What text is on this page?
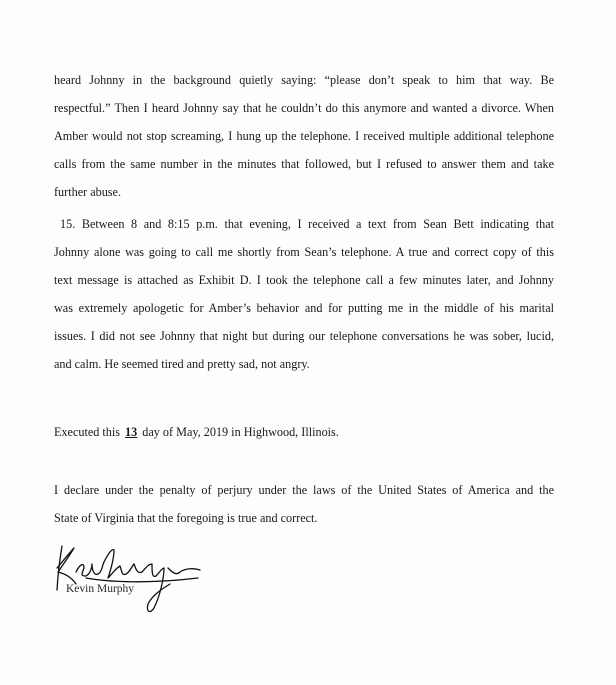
heard Johnny in the background quietly saying: “please don’t speak to him that way. Be
respectful.” Then I heard Johnny say that he couldn’t do this anymore and wanted a divorce. When
Amber would not stop screaming, I hung up the telephone. I received multiple additional telephone
calls from the same number in the minutes that followed, but I refused to answer them and take
further abuse.
15. Between 8 and 8:15 p.m. that evening, I received a text from Sean Bett indicating that
Johnny alone was going to call me shortly from Sean’s telephone. A true and correct copy of this
text message is attached as Exhibit D. I took the telephone call a few minutes later, and Johnny
was extremely apologetic for Amber’s behavior and for putting me in the middle of his marital
issues. I did not see Johnny that night but during our telephone conversations he was sober, lucid,
and calm. He seemed tired and pretty sad, not angry.
Executed this 13 day of May, 2019 in Highwood, Illinois.
I declare under the penalty of perjury under the laws of the United States of America and the
State of Virginia that the foregoing is true and correct.
Kevin Murphy
